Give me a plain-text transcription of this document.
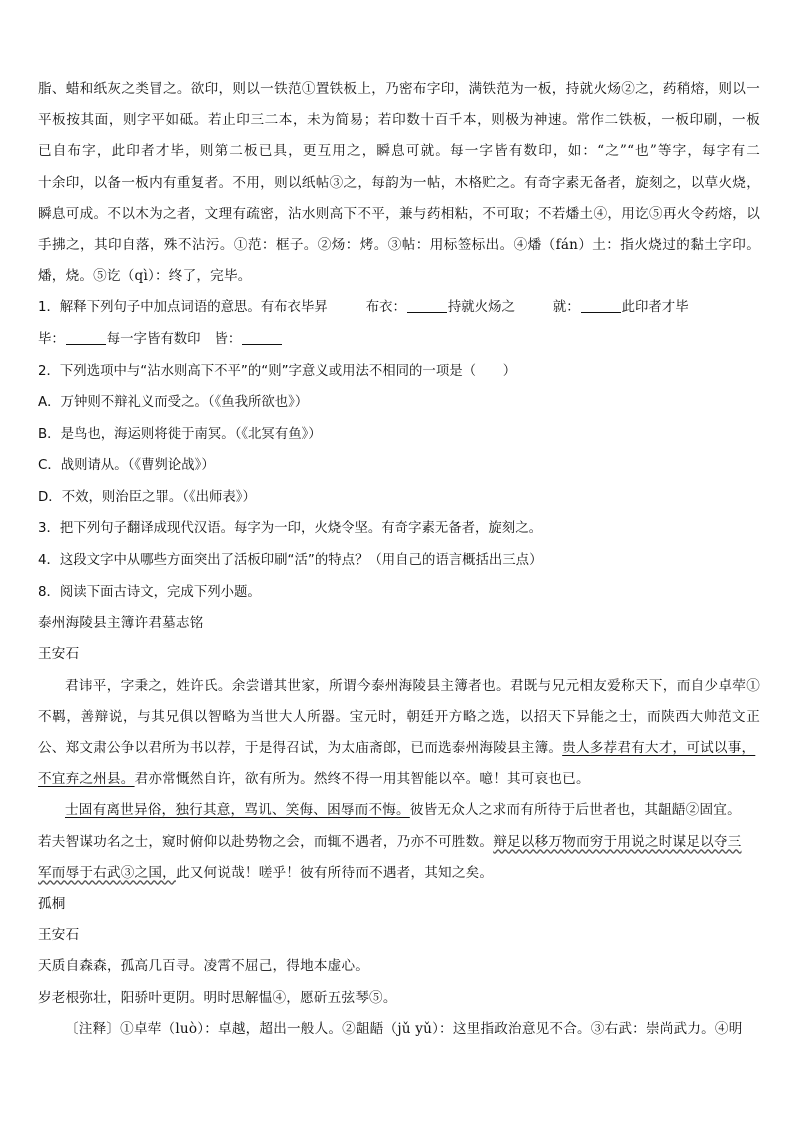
脂、蜡和纸灰之类冒之。欲印，则以一铁范①置铁板上，乃密布字印，满铁范为一板，持就火炀②之，药稍熔，则以一
平板按其面，则字平如砥。若止印三二本，未为简易；若印数十百千本，则极为神速。常作二铁板，一板印刷，一板
已自布字，此印者才毕，则第二板已具，更互用之，瞬息可就。每一字皆有数印，如：“之”“也”等字，每字有二
十余印，以备一板内有重复者。不用，则以纸帖③之，每韵为一帖，木格贮之。有奇字素无备者，旋刻之，以草火烧，
瞬息可成。不以木为之者，文理有疏密，沾水则高下不平，兼与药相粘，不可取；不若燔土④，用讫⑤再火令药熔，以
手拂之，其印自落，殊不沾污。①范：框子。②炀：烤。③帖：用标签标出。④燔（fán）土：指火烧过的黏土字印。
燔，烧。⑤讫（qì）：终了，完毕。
1．解释下列句子中加点词语的意思。有布衣毕昇	布衣：	持就火炀之	就：	此印者才毕
毕：	每一字皆有数印 皆：
2．下列选项中与“沾水则高下不平”的“则”字意义或用法不相同的一项是（　　）
A．万钟则不辩礼义而受之。（《鱼我所欲也》）
B．是鸟也，海运则将徙于南冥。（《北冥有鱼》）
C．战则请从。（《曹刿论战》）
D．不效，则治臣之罪。（《出师表》）
3．把下列句子翻译成现代汉语。每字为一印，火烧令坚。有奇字素无备者，旋刻之。
4．这段文字中从哪些方面突出了活板印刷“活”的特点？（用自己的语言概括出三点）
8．阅读下面古诗文，完成下列小题。
泰州海陵县主簿许君墓志铭
王安石
君讳平，字秉之，姓许氏。余尝谱其世家，所谓今泰州海陵县主簿者也。君既与兄元相友爱称天下，而自少卓荦①
不羁，善辩说，与其兄俱以智略为当世大人所器。宝元时，朝廷开方略之选，以招天下异能之士，而陕西大帅范文正
公、郑文肃公争以君所为书以荐，于是得召试，为太庙斋郎，已而选泰州海陵县主簿。贵人多荐君有大才，可试以事，
不宜弃之州县。君亦常慨然自许，欲有所为。然终不得一用其智能以卒。噫！其可哀也已。
士固有离世异俗，独行其意，骂讥、笑侮、困辱而不悔。彼皆无众人之求而有所待于后世者也，其龃龉②固宜。
若夫智谋功名之士，窥时俯仰以赴势物之会，而辄不遇者，乃亦不可胜数。辩足以移万物而穷于用说之时谋足以夺三
军而辱于右武③之国，此又何说哉！嗟乎！彼有所待而不遇者，其知之矣。
孤桐
王安石
天质自森森，孤高几百寻。凌霄不屈己，得地本虚心。
岁老根弥壮，阳骄叶更阴。明时思解愠④，愿斫五弦琴⑤。
〔注释〕①卓荦（luò）：卓越，超出一般人。②龃龉（jǔ yǔ）：这里指政治意见不合。③右武：崇尚武力。④明
